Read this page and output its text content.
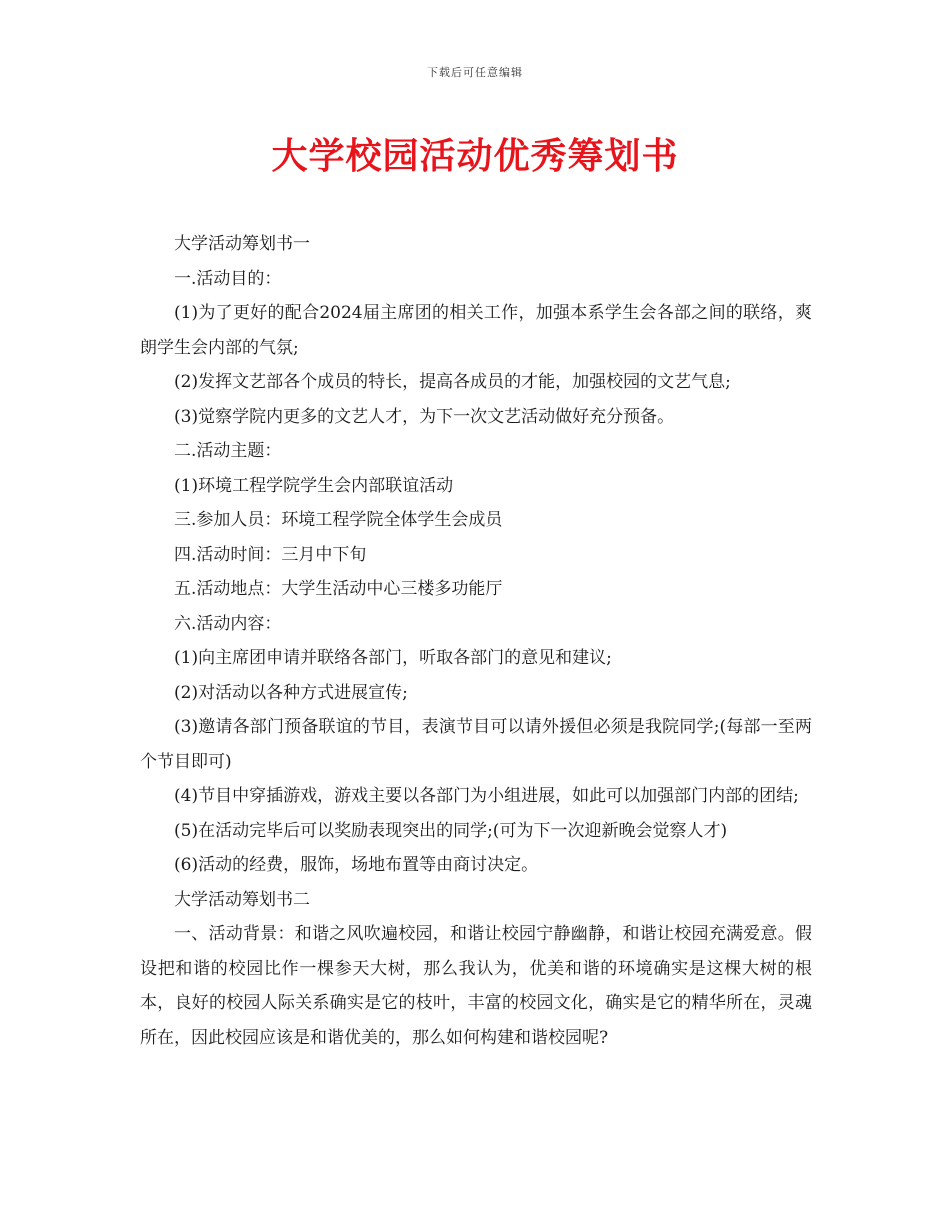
下载后可任意编辑
大学校园活动优秀筹划书

大学活动筹划书一

一.活动目的：

(1)为了更好的配合2024届主席团的相关工作，加强本系学生会各部之间的联络，爽朗学生会内部的气氛;

(2)发挥文艺部各个成员的特长，提高各成员的才能，加强校园的文艺气息;

(3)觉察学院内更多的文艺人才，为下一次文艺活动做好充分预备。

二.活动主题：

(1)环境工程学院学生会内部联谊活动

三.参加人员：环境工程学院全体学生会成员

四.活动时间：三月中下旬

五.活动地点：大学生活动中心三楼多功能厅

六.活动内容：

(1)向主席团申请并联络各部门，听取各部门的意见和建议;

(2)对活动以各种方式进展宣传;

(3)邀请各部门预备联谊的节目，表演节目可以请外援但必须是我院同学;(每部一至两个节目即可)

(4)节目中穿插游戏，游戏主要以各部门为小组进展，如此可以加强部门内部的团结;

(5)在活动完毕后可以奖励表现突出的同学;(可为下一次迎新晚会觉察人才)

(6)活动的经费，服饰，场地布置等由商讨决定。

大学活动筹划书二

一、活动背景：和谐之风吹遍校园，和谐让校园宁静幽静，和谐让校园充满爱意。假设把和谐的校园比作一棵参天大树，那么我认为，优美和谐的环境确实是这棵大树的根本，良好的校园人际关系确实是它的枝叶，丰富的校园文化，确实是它的精华所在，灵魂所在，因此校园应该是和谐优美的，那么如何构建和谐校园呢?
